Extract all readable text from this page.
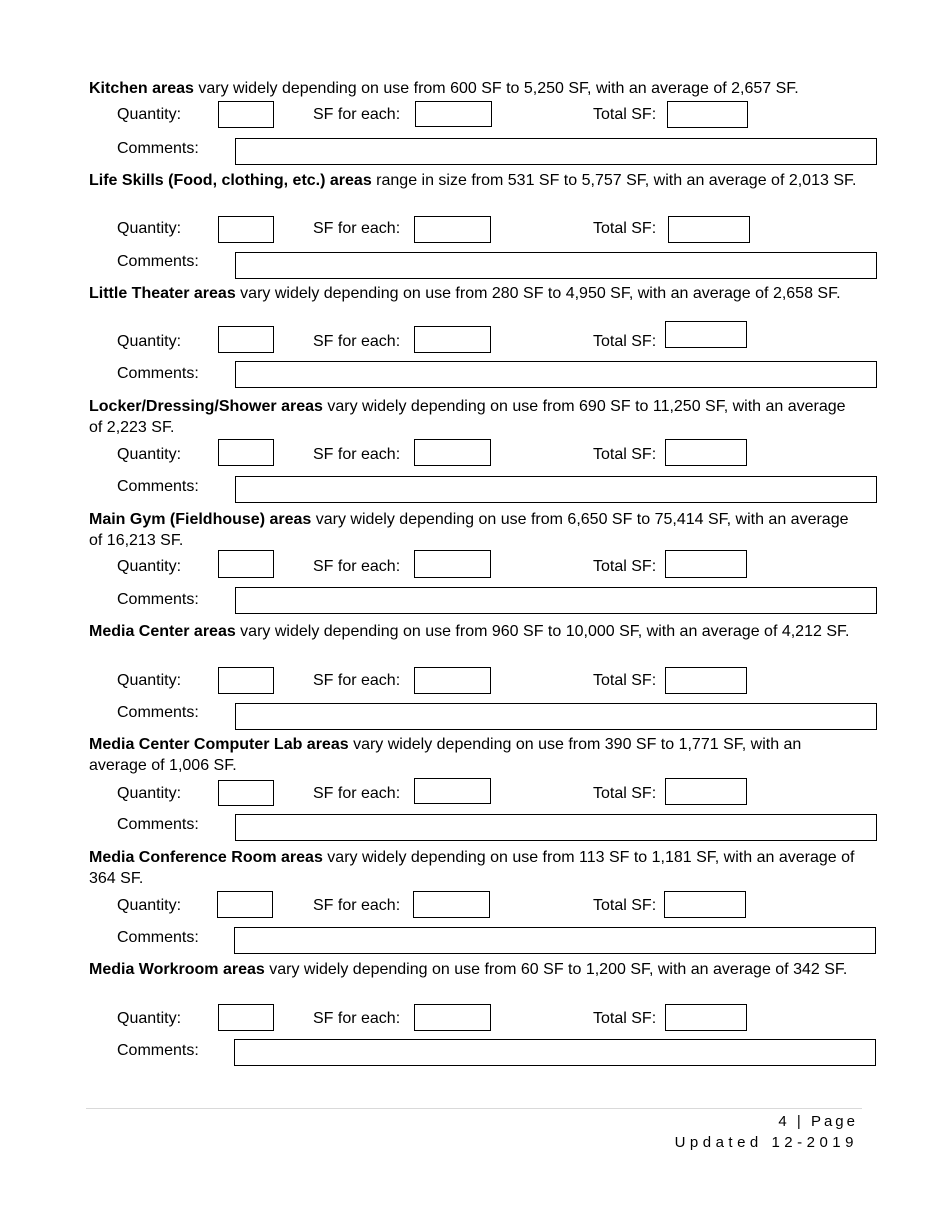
Kitchen areas vary widely depending on use from 600 SF to 5,250 SF, with an average of 2,657 SF.

Quantity:	SF for each:	Total SF:
Comments:

Life Skills (Food, clothing, etc.) areas range in size from 531 SF to 5,757 SF, with an average of 2,013 SF.

Quantity:	SF for each:	Total SF:
Comments:

Little Theater areas vary widely depending on use from 280 SF to 4,950 SF, with an average of 2,658 SF.

Quantity:	SF for each:	Total SF:
Comments:

Locker/Dressing/Shower areas vary widely depending on use from 690 SF to 11,250 SF, with an average of 2,223 SF.

Quantity:	SF for each:	Total SF:
Comments:

Main Gym (Fieldhouse) areas vary widely depending on use from 6,650 SF to 75,414 SF, with an average of 16,213 SF.

Quantity:	SF for each:	Total SF:
Comments:

Media Center areas vary widely depending on use from 960 SF to 10,000 SF, with an average of 4,212 SF.

Quantity:	SF for each:	Total SF:
Comments:

Media Center Computer Lab areas vary widely depending on use from 390 SF to 1,771 SF, with an average of 1,006 SF.

Quantity:	SF for each:	Total SF:
Comments:

Media Conference Room areas vary widely depending on use from 113 SF to 1,181 SF, with an average of 364 SF.

Quantity:	SF for each:	Total SF:
Comments:

Media Workroom areas vary widely depending on use from 60 SF to 1,200 SF, with an average of 342 SF.

Quantity:	SF for each:	Total SF:
Comments:
4 | Page
Updated 12-2019
